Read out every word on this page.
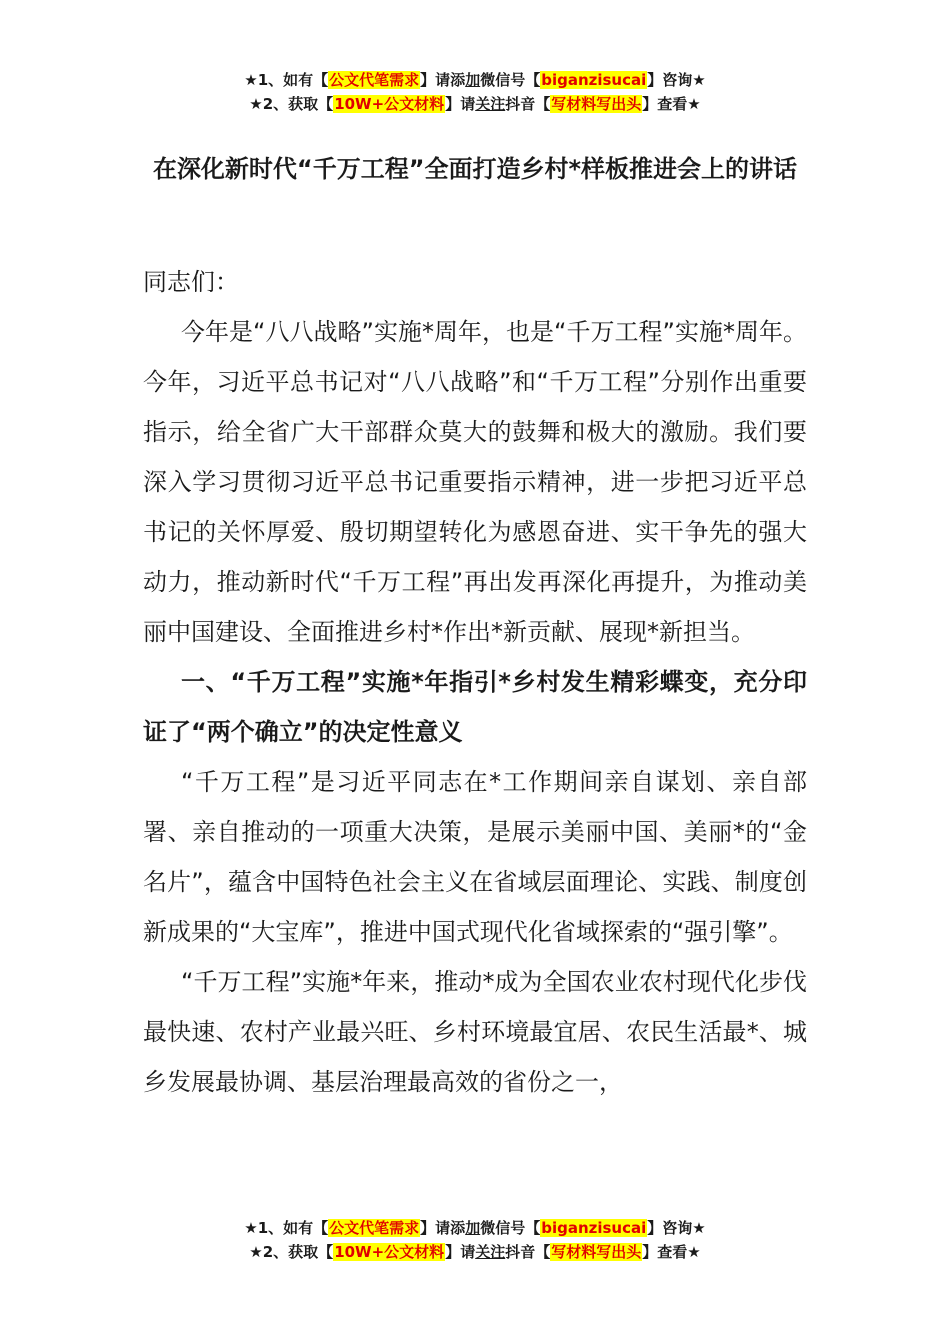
★1、如有【公文代笔需求】请添加微信号【biganzisucai】咨询★
★2、获取【10W+公文材料】请关注抖音【写材料写出头】查看★
在深化新时代“千万工程”全面打造乡村*样板推进会上的讲话

同志们：

今年是“八八战略”实施*周年，也是“千万工程”实施*周年。今年，习近平总书记对“八八战略”和“千万工程”分别作出重要指示，给全省广大干部群众莫大的鼓舞和极大的激励。我们要深入学习贯彻习近平总书记重要指示精神，进一步把习近平总书记的关怀厚爱、殷切期望转化为感恩奋进、实干争先的强大动力，推动新时代“千万工程”再出发再深化再提升，为推动美丽中国建设、全面推进乡村*作出*新贡献、展现*新担当。

一、“千万工程”实施*年指引*乡村发生精彩蝶变，充分印证了“两个确立”的决定性意义

“千万工程”是习近平同志在*工作期间亲自谋划、亲自部署、亲自推动的一项重大决策，是展示美丽中国、美丽*的“金名片”，蕴含中国特色社会主义在省域层面理论、实践、制度创新成果的“大宝库”，推进中国式现代化省域探索的“强引擎”。

“千万工程”实施*年来，推动*成为全国农业农村现代化步伐最快速、农村产业最兴旺、乡村环境最宜居、农民生活最*、城乡发展最协调、基层治理最高效的省份之一，

★1、如有【公文代笔需求】请添加微信号【biganzisucai】咨询★
★2、获取【10W+公文材料】请关注抖音【写材料写出头】查看★
